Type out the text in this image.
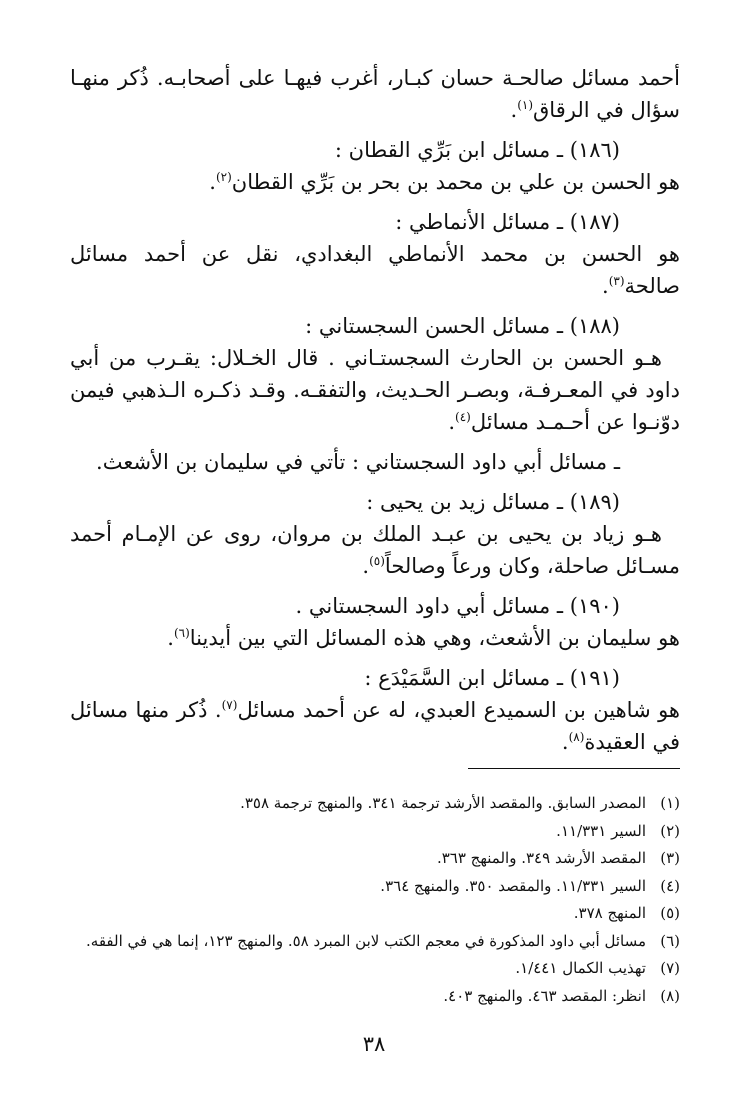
أحمد مسائل صالحـة حسان كبـار، أغرب فيهـا على أصحابـه. ذُكر منهـا سؤال في الرقاق$^{(١)}$.

(١٨٦) ـ مسائل ابن بَرِّي القطان :

هو الحسن بن علي بن محمد بن بحر بن بَرِّي القطان$^{(٢)}$.

(١٨٧) ـ مسائل الأنماطي :

هو الحسن بن محمد الأنماطي البغدادي، نقل عن أحمد مسائل صالحة$^{(٣)}$.

(١٨٨) ـ مسائل الحسن السجستاني :

هـو الحسن بن الحارث السجستـاني . قال الخـلال: يقـرب من أبي داود في المعـرفـة، وبصـر الحـديث، والتفقـه. وقـد ذكـره الـذهبي فيمن دوّنـوا عن أحـمـد مسائل$^{(٤)}$.

ـ مسائل أبي داود السجستاني : تأتي في سليمان بن الأشعث.

(١٨٩) ـ مسائل زيد بن يحيى :

هـو زياد بن يحيى بن عبـد الملك بن مروان، روى عن الإمـام أحمد مسـائل صاحلة، وكان ورعاً وصالحاً$^{(٥)}$.

(١٩٠) ـ مسائل أبي داود السجستاني .

هو سليمان بن الأشعث، وهي هذه المسائل التي بين أيدينا$^{(٦)}$.

(١٩١) ـ مسائل ابن السَّمَيْدَع :

هو شاهين بن السميدع العبدي، له عن أحمد مسائل$^{(٧)}$. ذُكر منها مسائل في العقيدة$^{(٨)}$.

(١)المصدر السابق. والمقصد الأرشد ترجمة ٣٤١. والمنهج ترجمة ٣٥٨.

(٢)السير ١١/٣٣١.

(٣)المقصد الأرشد ٣٤٩. والمنهج ٣٦٣.

(٤)السير ١١/٣٣١. والمقصد ٣٥٠. والمنهج ٣٦٤.

(٥)المنهج ٣٧٨.

(٦)مسائل أبي داود المذكورة في معجم الكتب لابن المبرد ٥٨. والمنهج ١٢٣، إنما هي في الفقه.

(٧)تهذيب الكمال ١/٤٤١.

(٨)انظر: المقصد ٤٦٣. والمنهج ٤٠٣.

٣٨
